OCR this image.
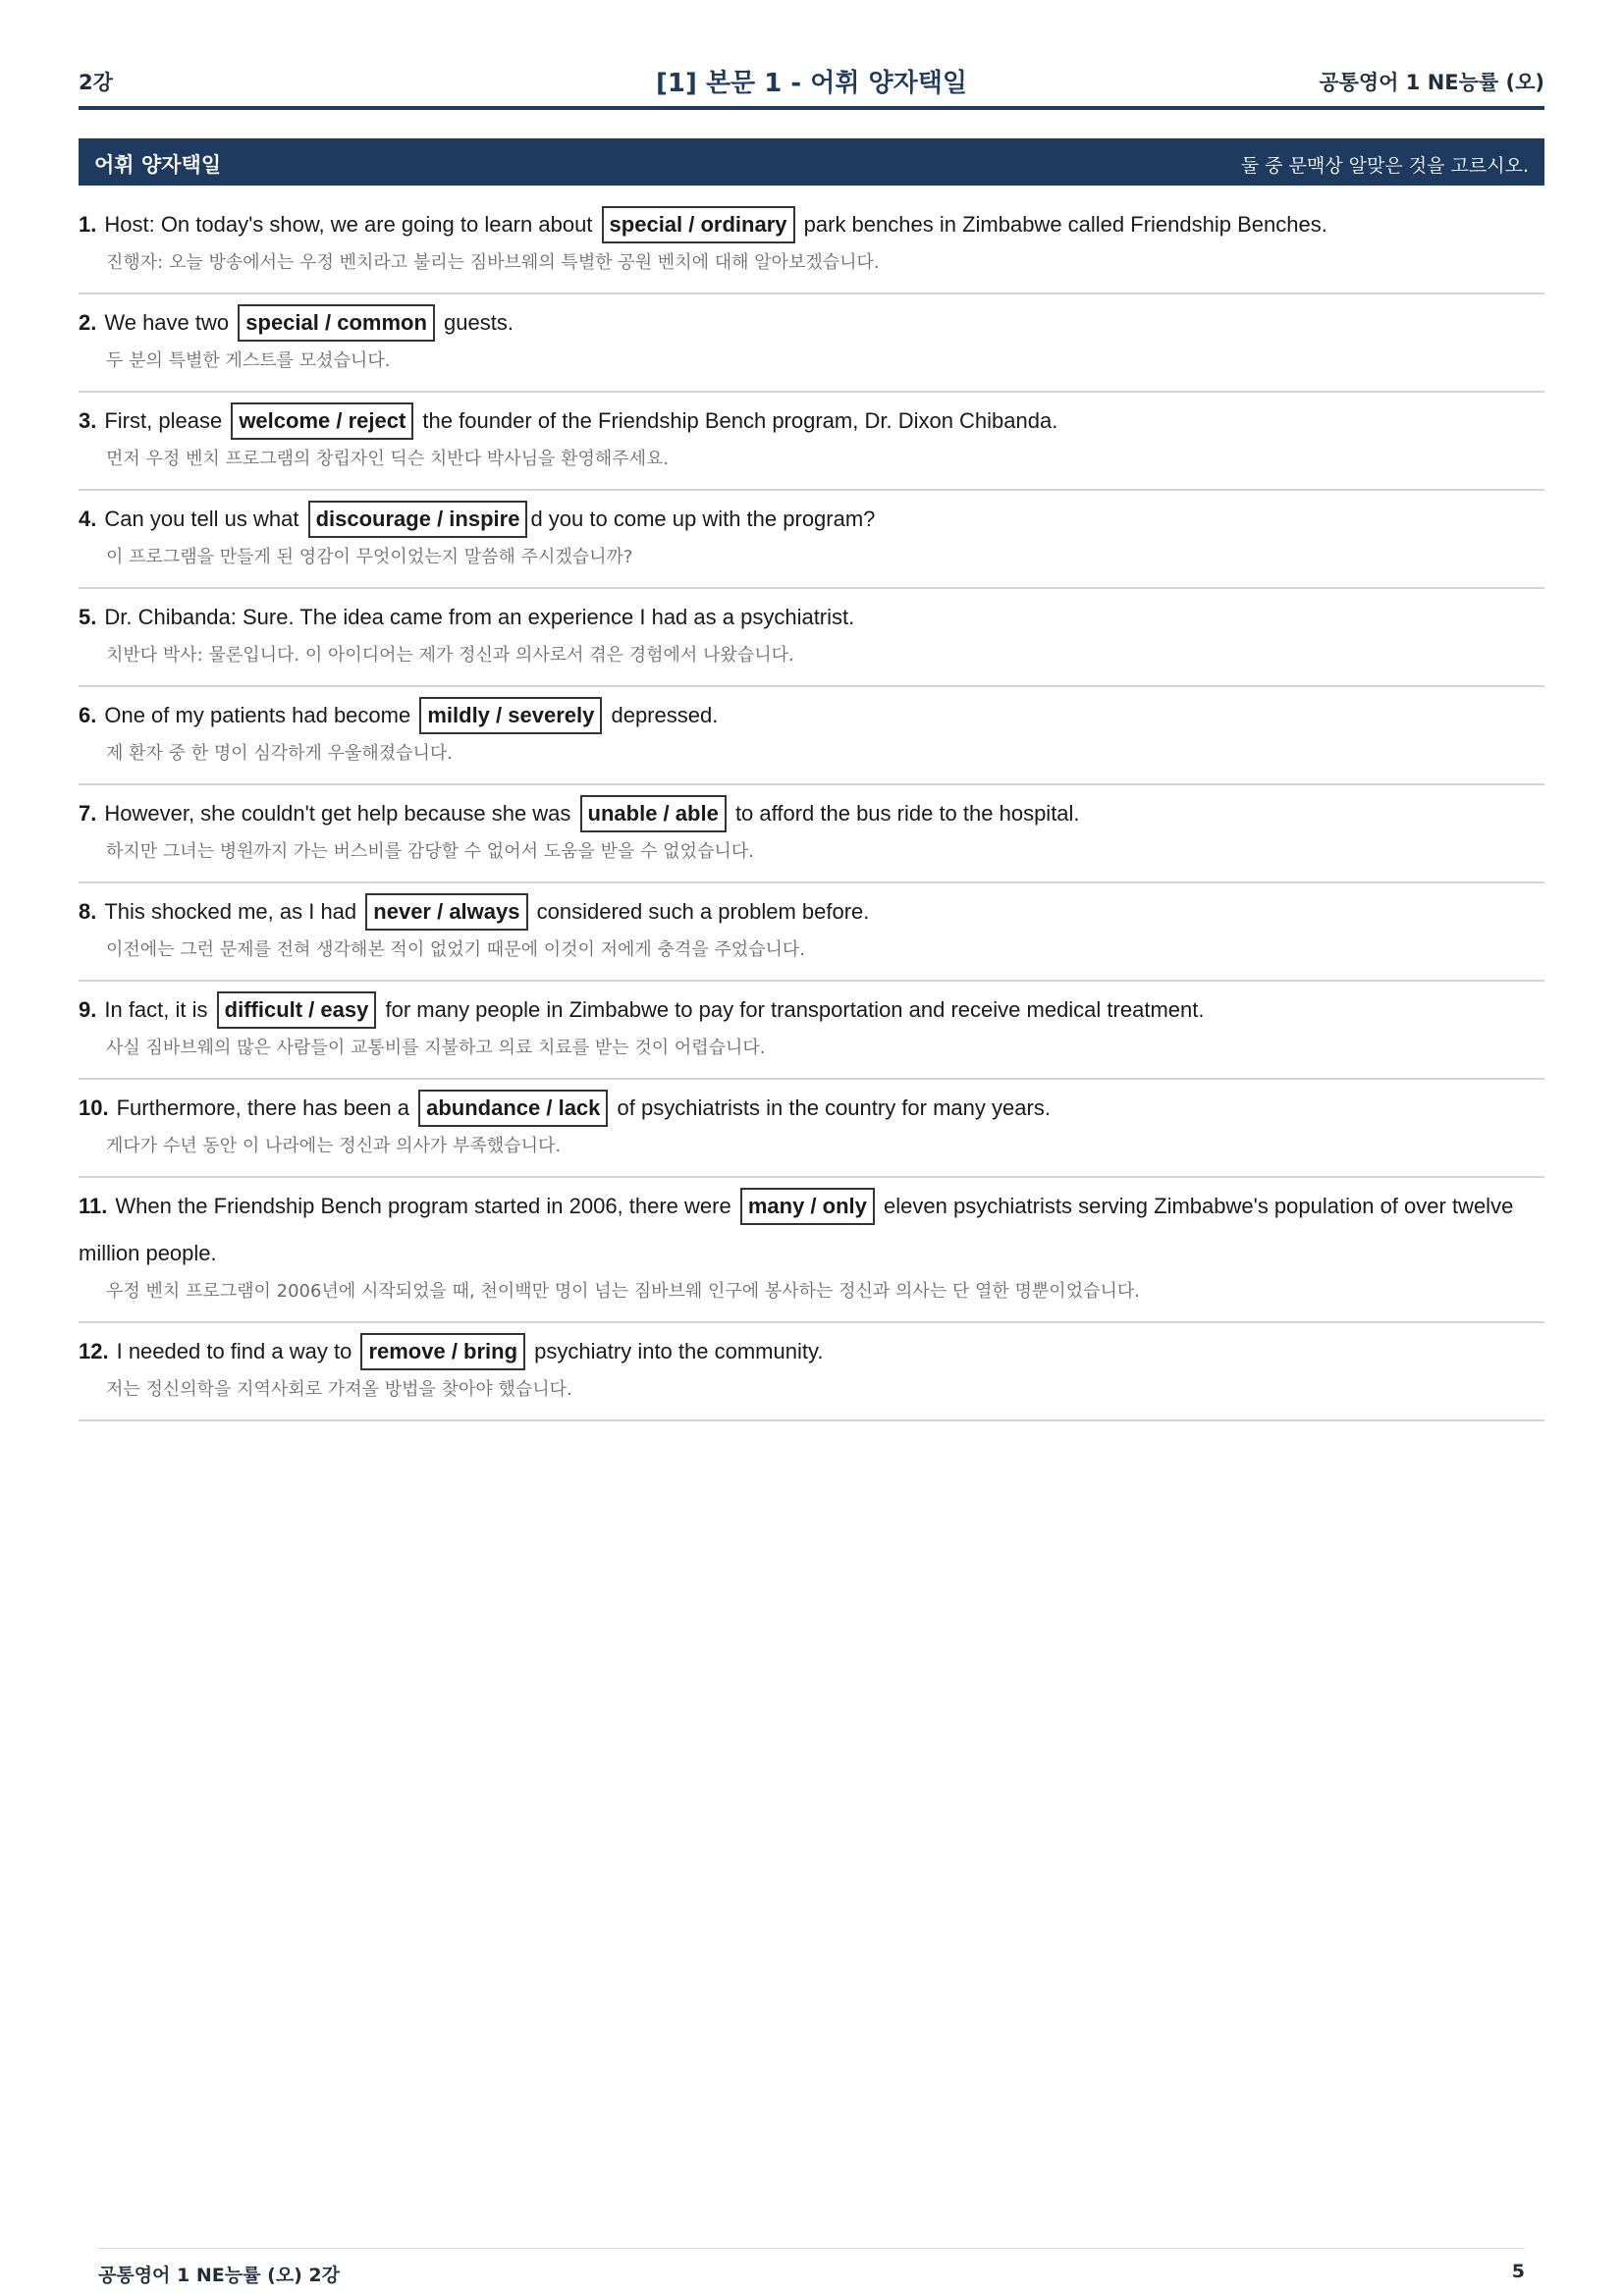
2강	[1] 본문 1 - 어휘 양자택일	공통영어 1 NE능률 (오)
어휘 양자택일	둘 중 문맥상 알맞은 것을 고르시오.
1. Host: On today's show, we are going to learn about special / ordinary park benches in Zimbabwe called Friendship Benches.
진행자: 오늘 방송에서는 우정 벤치라고 불리는 짐바브웨의 특별한 공원 벤치에 대해 알아보겠습니다.
2. We have two special / common guests.
두 분의 특별한 게스트를 모셨습니다.
3. First, please welcome / reject the founder of the Friendship Bench program, Dr. Dixon Chibanda.
먼저 우정 벤치 프로그램의 창립자인 딕슨 치반다 박사님을 환영해주세요.
4. Can you tell us what discourage / inspire d you to come up with the program?
이 프로그램을 만들게 된 영감이 무엇이었는지 말씀해 주시겠습니까?
5. Dr. Chibanda: Sure. The idea came from an experience I had as a psychiatrist.
치반다 박사: 물론입니다. 이 아이디어는 제가 정신과 의사로서 겪은 경험에서 나왔습니다.
6. One of my patients had become mildly / severely depressed.
제 환자 중 한 명이 심각하게 우울해졌습니다.
7. However, she couldn't get help because she was unable / able to afford the bus ride to the hospital.
하지만 그녀는 병원까지 가는 버스비를 감당할 수 없어서 도움을 받을 수 없었습니다.
8. This shocked me, as I had never / always considered such a problem before.
이전에는 그런 문제를 전혀 생각해본 적이 없었기 때문에 이것이 저에게 충격을 주었습니다.
9. In fact, it is difficult / easy for many people in Zimbabwe to pay for transportation and receive medical treatment.
사실 짐바브웨의 많은 사람들이 교통비를 지불하고 의료 치료를 받는 것이 어렵습니다.
10. Furthermore, there has been a abundance / lack of psychiatrists in the country for many years.
게다가 수년 동안 이 나라에는 정신과 의사가 부족했습니다.
11. When the Friendship Bench program started in 2006, there were many / only eleven psychiatrists serving Zimbabwe's population of over twelve million people.
우정 벤치 프로그램이 2006년에 시작되었을 때, 천이백만 명이 넘는 짐바브웨 인구에 봉사하는 정신과 의사는 단 열한 명뿐이었습니다.
12. I needed to find a way to remove / bring psychiatry into the community.
저는 정신의학을 지역사회로 가져올 방법을 찾아야 했습니다.
공통영어 1 NE능률 (오) 2강	5
